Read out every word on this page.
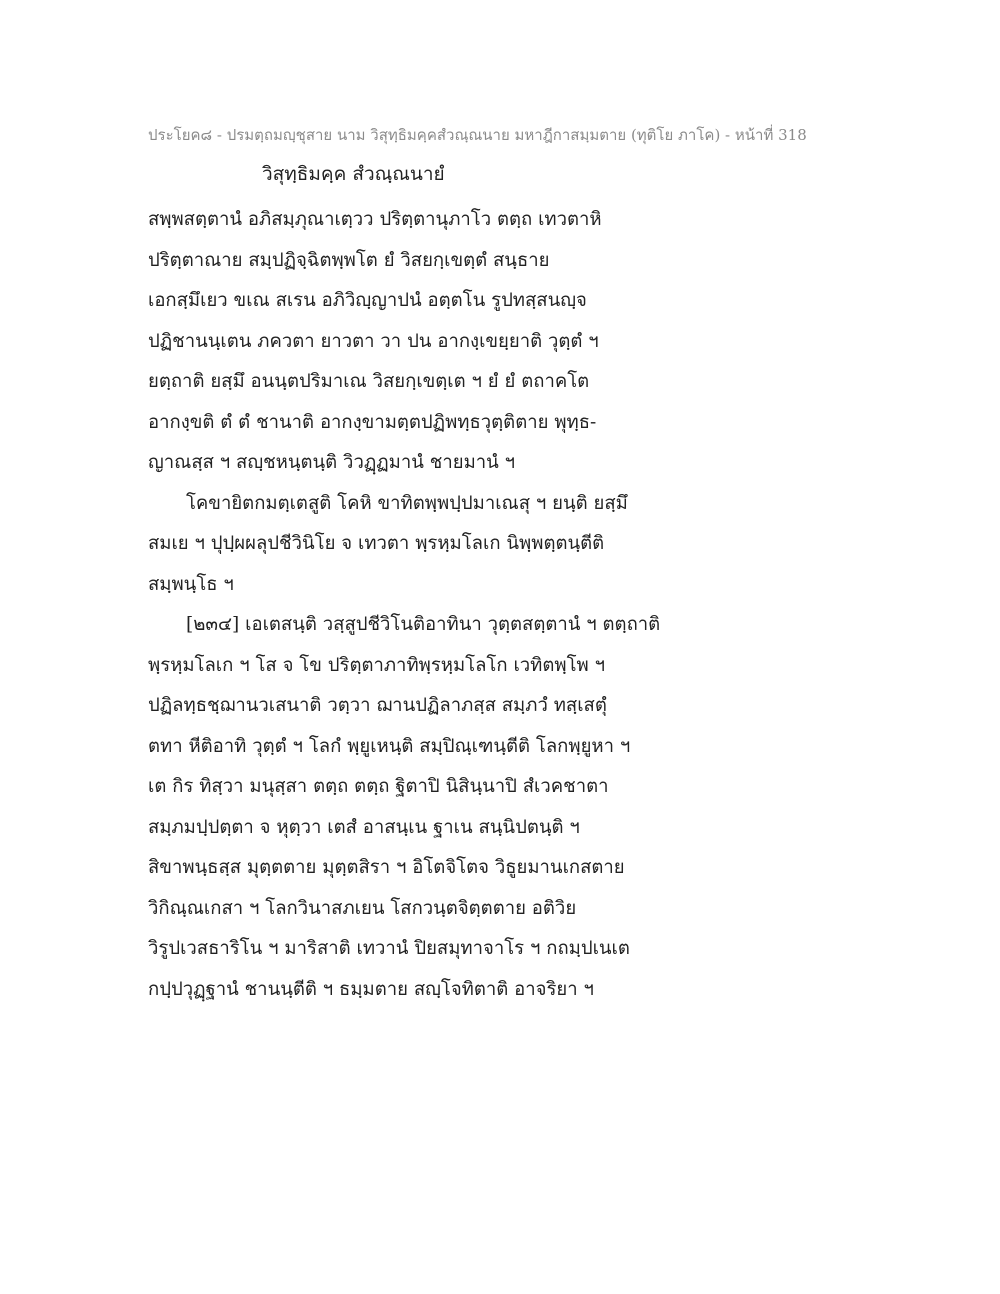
ประโยค๘ - ปรมตฺถมญฺชุสาย นาม วิสุทฺธิมคฺคสํวณฺณนาย มหาฎีกาสมฺมตาย (ทุติโย ภาโค) - หน้าที่ 318
วิสุทฺธิมคฺค สํวณฺณนายํ
สพฺพสตฺตานํ อภิสมฺภุณาเตฺวว ปริตฺตานุภาโว ตตฺถ เทวตาหิ
ปริตฺตาณาย สมฺปฏิจฺฉิตพฺพโต ยํ วิสยกฺเขตฺตํ สนฺธาย
เอกสฺมึเยว ขเณ สเรน อภิวิญฺญาปนํ อตฺตโน รูปทสฺสนญฺจ
ปฏิชานนฺเตน ภควตา ยาวตา วา ปน อากงฺเขยฺยาติ วุตฺตํ ฯ
ยตฺถาติ ยสฺมึ อนนฺตปริมาเณ วิสยกฺเขตฺเต ฯ ยํ ยํ ตถาคโต
อากงฺขติ ตํ ตํ ชานาติ อากงฺขามตฺตปฏิพทฺธวุตฺติตาย พุทฺธ-
ญาณสฺส ฯ สญฺชหนฺตนฺติ วิวฏฺฏมานํ ชายมานํ ฯ
โคขายิตกมตฺเตสูติ โคหิ ขาทิตพฺพปฺปมาเณสุ ฯ ยนฺติ ยสฺมึ
สมเย ฯ ปุปฺผผลุปชีวินิโย จ เทวตา พฺรหฺมโลเก นิพฺพตฺตนฺตีติ
สมฺพนฺโธ ฯ
[๒๓๔] เอเตสนฺติ วสฺสูปชีวิโนติอาทินา วุตฺตสตฺตานํ ฯ ตตฺถาติ
พฺรหฺมโลเก ฯ โส จ โข ปริตฺตาภาทิพฺรหฺมโลโก เวทิตพฺโพ ฯ
ปฏิลทฺธชฺฌานวเสนาติ วตฺวา ฌานปฏิลาภสฺส สมฺภวํ ทสฺเสตุํ
ตทา หีติอาทิ วุตฺตํ ฯ โลกํ พฺยูเหนฺติ สมฺปิณฺเฑนฺตีติ โลกพฺยูหา ฯ
เต กิร ทิสฺวา มนุสฺสา ตตฺถ ตตฺถ ฐิตาปิ นิสินฺนาปิ สํเวคชาตา
สมฺภมปฺปตฺตา จ หุตฺวา เตสํ อาสนฺเน ฐาเน สนฺนิปตนฺติ ฯ
สิขาพนฺธสฺส มุตฺตตาย มุตฺตสิรา ฯ อิโตจิโตจ วิธูยมานเกสตาย
วิกิณฺณเกสา ฯ โลกวินาสภเยน โสกวนฺตจิตฺตตาย อติวิย
วิรูปเวสธาริโน ฯ มาริสาติ เทวานํ ปิยสมุทาจาโร ฯ กถมฺปเนเต
กปฺปวุฏฺฐานํ ชานนฺตีติ ฯ ธมฺมตาย สญฺโจทิตาติ อาจริยา ฯ
